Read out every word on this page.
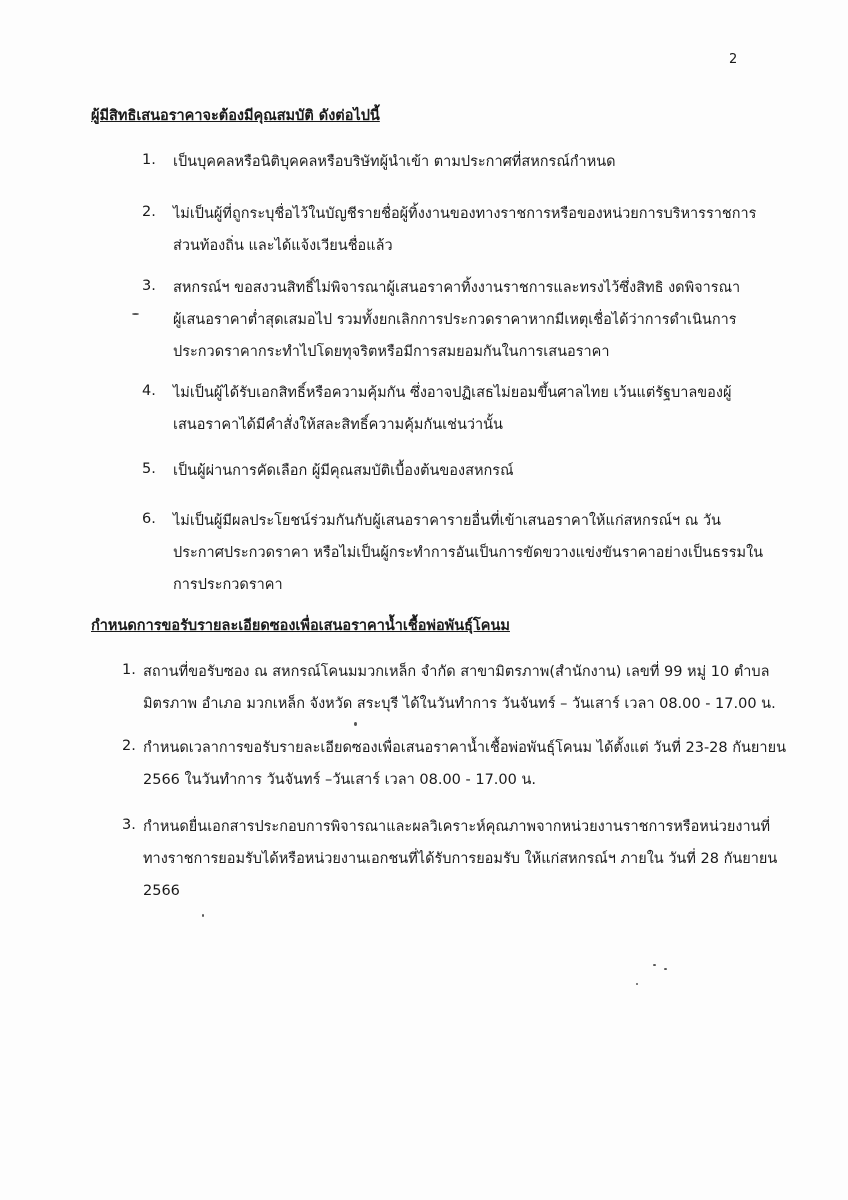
2
ผู้มีสิทธิเสนอราคาจะต้องมีคุณสมบัติ ดังต่อไปนี้
1. เป็นบุคคลหรือนิติบุคคลหรือบริษัทผู้นำเข้า ตามประกาศที่สหกรณ์กำหนด
2. ไม่เป็นผู้ที่ถูกระบุชื่อไว้ในบัญชีรายชื่อผู้ทิ้งงานของทางราชการหรือของหน่วยการบริหารราชการ
ส่วนท้องถิ่น และได้แจ้งเวียนชื่อแล้ว
3. สหกรณ์ฯ ขอสงวนสิทธิ์ไม่พิจารณาผู้เสนอราคาทิ้งงานราชการและทรงไว้ซึ่งสิทธิ งดพิจารณา
ผู้เสนอราคาต่ำสุดเสมอไป รวมทั้งยกเลิกการประกวดราคาหากมีเหตุเชื่อได้ว่าการดำเนินการ
ประกวดราคากระทำไปโดยทุจริตหรือมีการสมยอมกันในการเสนอราคา
4. ไม่เป็นผู้ได้รับเอกสิทธิ์หรือความคุ้มกัน ซึ่งอาจปฏิเสธไม่ยอมขึ้นศาลไทย เว้นแต่รัฐบาลของผู้
เสนอราคาได้มีคำสั่งให้สละสิทธิ์ความคุ้มกันเช่นว่านั้น
5. เป็นผู้ผ่านการคัดเลือก ผู้มีคุณสมบัติเบื้องต้นของสหกรณ์
6. ไม่เป็นผู้มีผลประโยชน์ร่วมกันกับผู้เสนอราคารายอื่นที่เข้าเสนอราคาให้แก่สหกรณ์ฯ ณ วัน
ประกาศประกวดราคา หรือไม่เป็นผู้กระทำการอันเป็นการขัดขวางแข่งขันราคาอย่างเป็นธรรมใน
การประกวดราคา
กำหนดการขอรับรายละเอียดซองเพื่อเสนอราคาน้ำเชื้อพ่อพันธุ์โคนม
1. สถานที่ขอรับซอง ณ สหกรณ์โคนมมวกเหล็ก จำกัด สาขามิตรภาพ(สำนักงาน) เลขที่ 99 หมู่ 10 ตำบล
มิตรภาพ อำเภอ มวกเหล็ก จังหวัด สระบุรี ได้ในวันทำการ วันจันทร์ – วันเสาร์ เวลา 08.00 - 17.00 น.
2. กำหนดเวลาการขอรับรายละเอียดซองเพื่อเสนอราคาน้ำเชื้อพ่อพันธุ์โคนม ได้ตั้งแต่ วันที่ 23-28 กันยายน
2566 ในวันทำการ วันจันทร์ –วันเสาร์ เวลา 08.00 - 17.00 น.
3. กำหนดยื่นเอกสารประกอบการพิจารณาและผลวิเคราะห์คุณภาพจากหน่วยงานราชการหรือหน่วยงานที่
ทางราชการยอมรับได้หรือหน่วยงานเอกชนที่ได้รับการยอมรับ ให้แก่สหกรณ์ฯ ภายใน วันที่ 28 กันยายน
2566
